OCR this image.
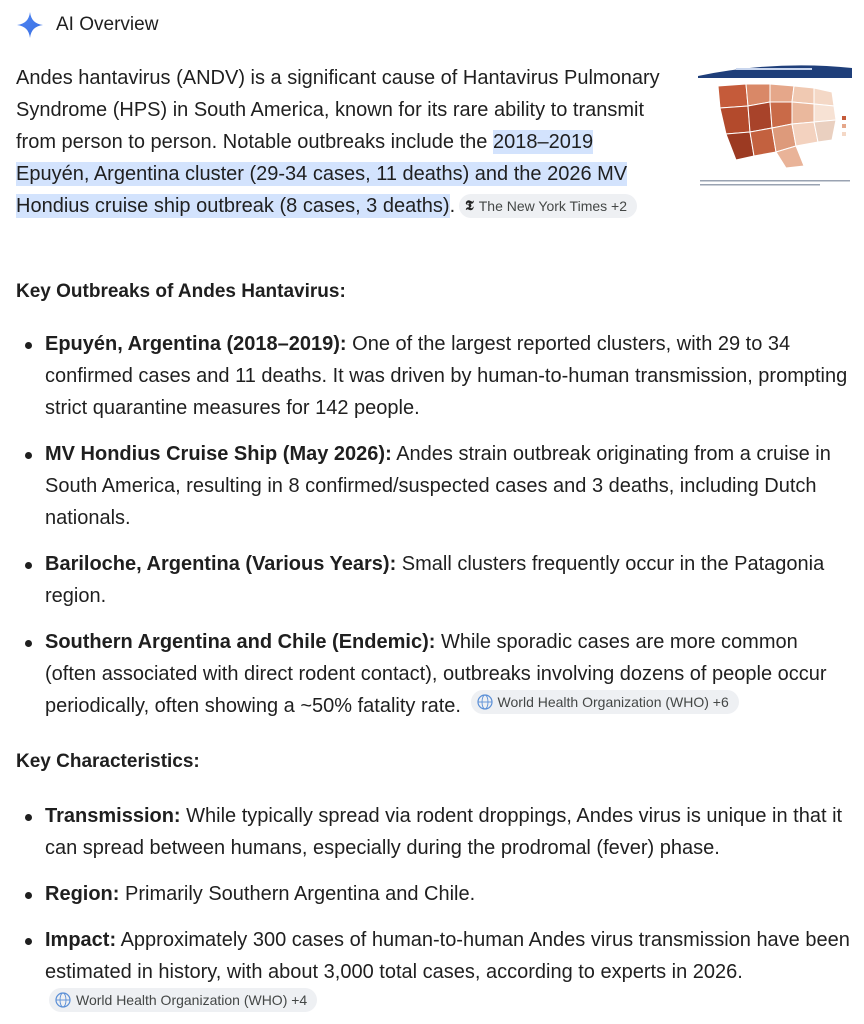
AI Overview

Andes hantavirus (ANDV) is a significant cause of Hantavirus Pulmonary Syndrome (HPS) in South America, known for its rare ability to transmit from person to person. Notable outbreaks include the 2018–2019 Epuyén, Argentina cluster (29-34 cases, 11 deaths) and the 2026 MV Hondius cruise ship outbreak (8 cases, 3 deaths). 𝕿 The New York Times +2

Key Outbreaks of Andes Hantavirus:
Epuyén, Argentina (2018–2019): One of the largest reported clusters, with 29 to 34 confirmed cases and 11 deaths. It was driven by human-to-human transmission, prompting strict quarantine measures for 142 people.
MV Hondius Cruise Ship (May 2026): Andes strain outbreak originating from a cruise in South America, resulting in 8 confirmed/suspected cases and 3 deaths, including Dutch nationals.
Bariloche, Argentina (Various Years): Small clusters frequently occur in the Patagonia region.
Southern Argentina and Chile (Endemic): While sporadic cases are more common (often associated with direct rodent contact), outbreaks involving dozens of people occur periodically, often showing a ~50% fatality rate. World Health Organization (WHO) +6
Key Characteristics:
Transmission: While typically spread via rodent droppings, Andes virus is unique in that it can spread between humans, especially during the prodromal (fever) phase.
Region: Primarily Southern Argentina and Chile.
Impact: Approximately 300 cases of human-to-human Andes virus transmission have been estimated in history, with about 3,000 total cases, according to experts in 2026.
World Health Organization (WHO) +4
